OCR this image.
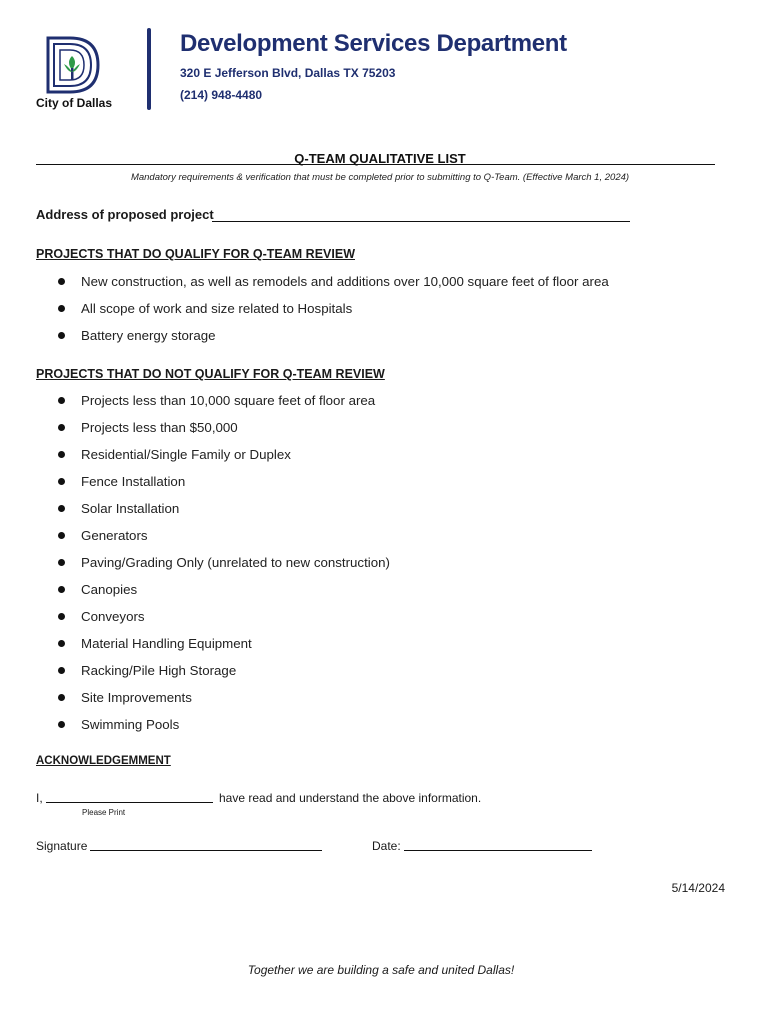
City of Dallas
Development Services Department
320 E Jefferson Blvd, Dallas TX 75203
(214) 948-4480
Q-TEAM QUALITATIVE LIST
Mandatory requirements & verification that must be completed prior to submitting to Q-Team. (Effective March 1, 2024)
Address of proposed project
PROJECTS THAT DO QUALIFY FOR Q-TEAM REVIEW
New construction, as well as remodels and additions over 10,000 square feet of floor area
All scope of work and size related to Hospitals
Battery energy storage
PROJECTS THAT DO NOT QUALIFY FOR Q-TEAM REVIEW
Projects less than 10,000 square feet of floor area
Projects less than $50,000
Residential/Single Family or Duplex
Fence Installation
Solar Installation
Generators
Paving/Grading Only (unrelated to new construction)
Canopies
Conveyors
Material Handling Equipment
Racking/Pile High Storage
Site Improvements
Swimming Pools
ACKNOWLEDGEMMENT
I,	have read and understand the above information.
Please Print
Signature	Date:
5/14/2024
Together we are building a safe and united Dallas!
